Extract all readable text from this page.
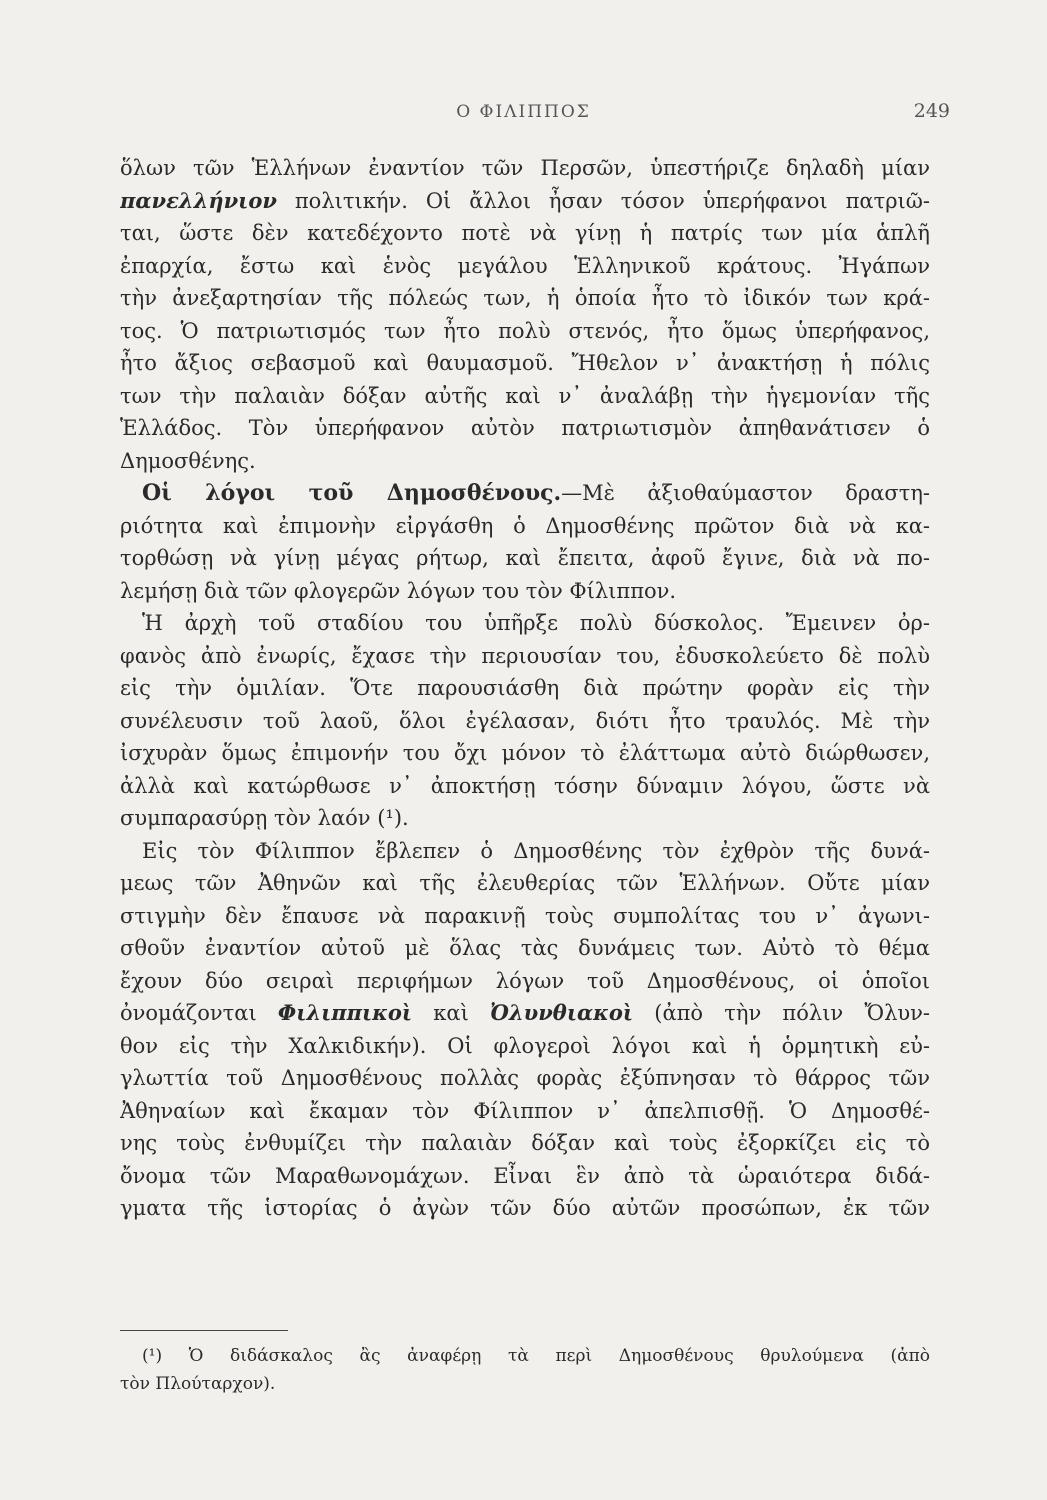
Ο ΦΙΛΙΠΠΟΣ	249
ὅλων τῶν Ἑλλήνων ἐναντίον τῶν Περσῶν, ὑπεστήριζε δηλαδὴ μίαν
πανελλήνιον πολιτικήν. Οἱ ἄλλοι ἦσαν τόσον ὑπερήφανοι πατριῶ-
ται, ὥστε δὲν κατεδέχοντο ποτὲ νὰ γίνῃ ἡ πατρίς των μία ἁπλῆ
ἐπαρχία, ἔστω καὶ ἑνὸς μεγάλου Ἑλληνικοῦ κράτους. Ἠγάπων
τὴν ἀνεξαρτησίαν τῆς πόλεώς των, ἡ ὁποία ἦτο τὸ ἰδικόν των κρά-
τος. Ὁ πατριωτισμός των ἦτο πολὺ στενός, ἦτο ὅμως ὑπερήφανος,
ἦτο ἄξιος σεβασμοῦ καὶ θαυμασμοῦ. Ἤθελον ν᾽ ἀνακτήσῃ ἡ πόλις
των τὴν παλαιὰν δόξαν αὐτῆς καὶ ν᾽ ἀναλάβῃ τὴν ἡγεμονίαν τῆς
Ἑλλάδος. Τὸν ὑπερήφανον αὐτὸν πατριωτισμὸν ἀπηθανάτισεν ὁ
Δημοσθένης.
Οἱ λόγοι τοῦ Δημοσθένους.—Μὲ ἀξιοθαύμαστον δραστη-
ριότητα καὶ ἐπιμονὴν εἰργάσθη ὁ Δημοσθένης πρῶτον διὰ νὰ κα-
τορθώσῃ νὰ γίνῃ μέγας ρήτωρ, καὶ ἔπειτα, ἀφοῦ ἔγινε, διὰ νὰ πο-
λεμήσῃ διὰ τῶν φλογερῶν λόγων του τὸν Φίλιππον.
Ἡ ἀρχὴ τοῦ σταδίου του ὑπῆρξε πολὺ δύσκολος. Ἔμεινεν ὀρ-
φανὸς ἀπὸ ἐνωρίς, ἔχασε τὴν περιουσίαν του, ἐδυσκολεύετο δὲ πολὺ
εἰς τὴν ὁμιλίαν. Ὅτε παρουσιάσθη διὰ πρώτην φορὰν εἰς τὴν
συνέλευσιν τοῦ λαοῦ, ὅλοι ἐγέλασαν, διότι ἦτο τραυλός. Μὲ τὴν
ἰσχυρὰν ὅμως ἐπιμονήν του ὄχι μόνον τὸ ἐλάττωμα αὐτὸ διώρθωσεν,
ἀλλὰ καὶ κατώρθωσε ν᾽ ἀποκτήσῃ τόσην δύναμιν λόγου, ὥστε νὰ
συμπαρασύρῃ τὸν λαόν (¹).
Εἰς τὸν Φίλιππον ἔβλεπεν ὁ Δημοσθένης τὸν ἐχθρὸν τῆς δυνά-
μεως τῶν Ἀθηνῶν καὶ τῆς ἐλευθερίας τῶν Ἑλλήνων. Οὔτε μίαν
στιγμὴν δὲν ἔπαυσε νὰ παρακινῇ τοὺς συμπολίτας του ν᾽ ἀγωνι-
σθοῦν ἐναντίον αὐτοῦ μὲ ὅλας τὰς δυνάμεις των. Αὐτὸ τὸ θέμα
ἔχουν δύο σειραὶ περιφήμων λόγων τοῦ Δημοσθένους, οἱ ὁποῖοι
ὀνομάζονται Φιλιππικοὶ καὶ Ὀλυνθιακοὶ (ἀπὸ τὴν πόλιν Ὄλυν-
θον εἰς τὴν Χαλκιδικήν). Οἱ φλογεροὶ λόγοι καὶ ἡ ὁρμητικὴ εὐ-
γλωττία τοῦ Δημοσθένους πολλὰς φορὰς ἐξύπνησαν τὸ θάρρος τῶν
Ἀθηναίων καὶ ἔκαμαν τὸν Φίλιππον ν᾽ ἀπελπισθῇ. Ὁ Δημοσθέ-
νης τοὺς ἐνθυμίζει τὴν παλαιὰν δόξαν καὶ τοὺς ἐξορκίζει εἰς τὸ
ὄνομα τῶν Μαραθωνομάχων. Εἶναι ἓν ἀπὸ τὰ ὡραιότερα διδά-
γματα τῆς ἱστορίας ὁ ἀγὼν τῶν δύο αὐτῶν προσώπων, ἐκ τῶν
(¹) Ὁ διδάσκαλος ἂς ἀναφέρῃ τὰ περὶ Δημοσθένους θρυλούμενα (ἀπὸ
τὸν Πλούταρχον).
